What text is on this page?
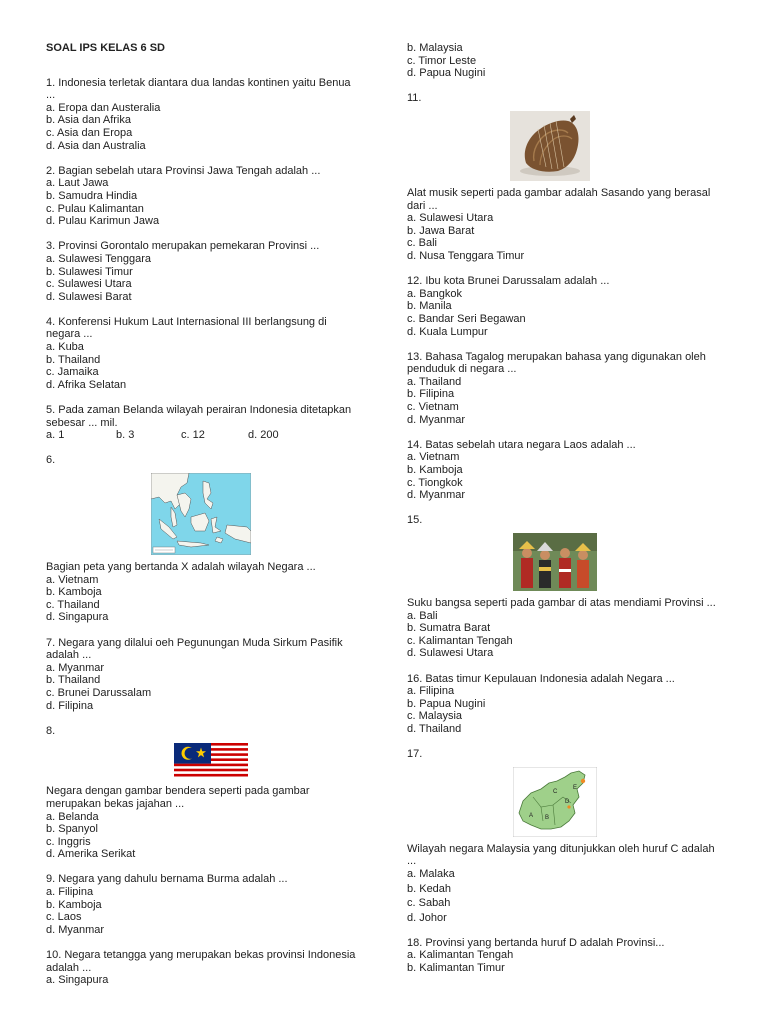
SOAL IPS KELAS 6 SD
1. Indonesia terletak diantara dua landas kontinen yaitu Benua ...
a. Eropa dan Austeralia
b. Asia dan Afrika
c. Asia dan Eropa
d. Asia dan Australia
2. Bagian sebelah utara Provinsi Jawa Tengah adalah ...
a. Laut Jawa
b. Samudra Hindia
c. Pulau Kalimantan
d. Pulau Karimun Jawa
3. Provinsi Gorontalo merupakan pemekaran Provinsi ...
a. Sulawesi Tenggara
b. Sulawesi Timur
c. Sulawesi Utara
d. Sulawesi Barat
4. Konferensi Hukum Laut Internasional III berlangsung di negara ...
a. Kuba
b. Thailand
c. Jamaika
d. Afrika Selatan
5. Pada zaman Belanda wilayah perairan Indonesia ditetapkan sebesar ... mil.
a. 1	b. 3	c. 12	d. 200
6.
Bagian peta yang bertanda X adalah wilayah Negara ...
a. Vietnam
b. Kamboja
c. Thailand
d. Singapura
7. Negara yang dilalui oeh Pegunungan Muda Sirkum Pasifik adalah ...
a. Myanmar
b. Thailand
c. Brunei Darussalam
d. Filipina
8.
Negara dengan gambar bendera seperti pada gambar merupakan bekas jajahan ...
a. Belanda
b. Spanyol
c. Inggris
d. Amerika Serikat
9. Negara yang dahulu bernama Burma adalah ...
a. Filipina
b. Kamboja
c. Laos
d. Myanmar
10. Negara tetangga yang merupakan bekas provinsi Indonesia adalah ...
a. Singapura
b. Malaysia
c. Timor Leste
d. Papua Nugini
11.
Alat musik seperti pada gambar adalah Sasando yang berasal dari ...
a. Sulawesi Utara
b. Jawa Barat
c. Bali
d. Nusa Tenggara Timur
12. Ibu kota Brunei Darussalam adalah ...
a. Bangkok
b. Manila
c. Bandar Seri Begawan
d. Kuala Lumpur
13. Bahasa Tagalog merupakan bahasa yang digunakan oleh penduduk di negara ...
a. Thailand
b. Filipina
c. Vietnam
d. Myanmar
14. Batas sebelah utara negara Laos adalah ...
a. Vietnam
b. Kamboja
c. Tiongkok
d. Myanmar
15.
Suku bangsa seperti pada gambar di atas mendiami Provinsi ...
a. Bali
b. Sumatra Barat
c. Kalimantan Tengah
d. Sulawesi Utara
16. Batas timur Kepulauan Indonesia adalah Negara ...
a. Filipina
b. Papua Nugini
c. Malaysia
d. Thailand
17.
A B
C
D
E
Wilayah negara Malaysia yang ditunjukkan oleh huruf C adalah ...
a. Malaka
b. Kedah
c. Sabah
d. Johor
18. Provinsi yang bertanda huruf D adalah Provinsi...
a. Kalimantan Tengah
b. Kalimantan Timur
